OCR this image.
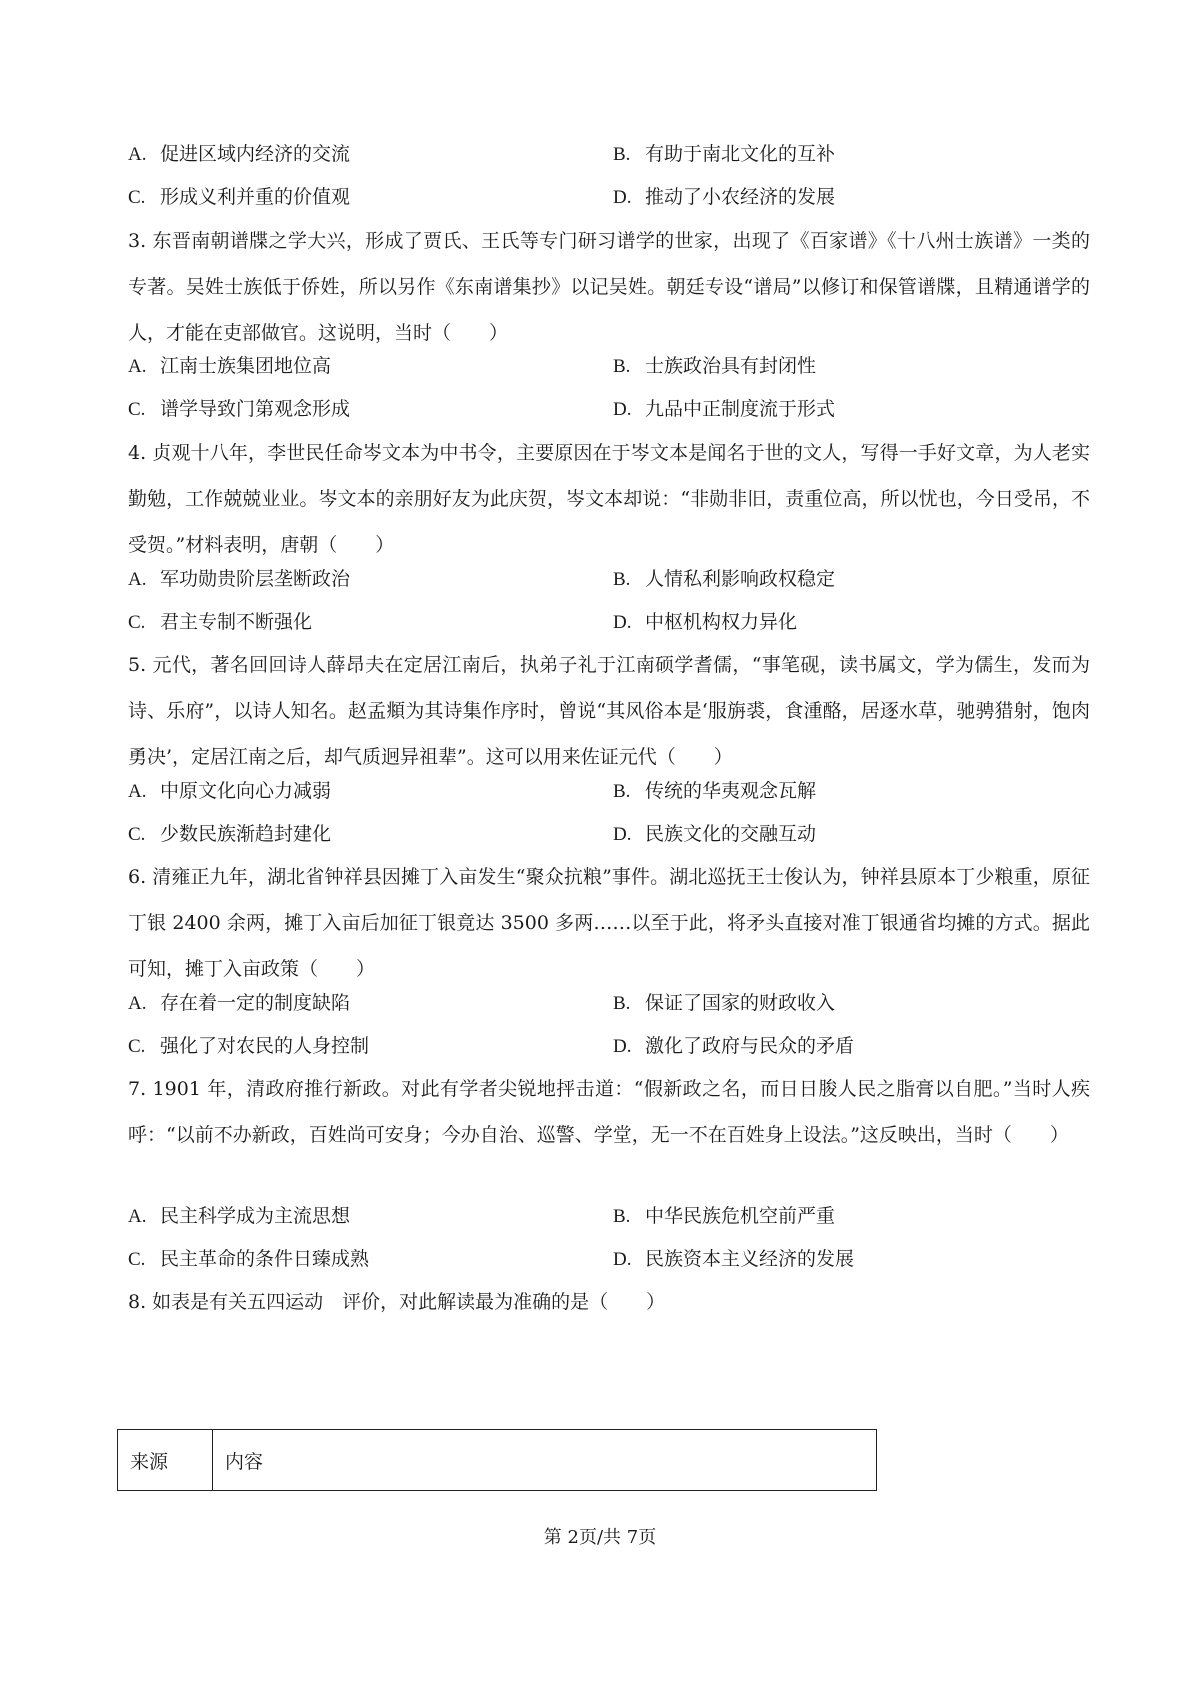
A. 促进区域内经济的交流	B. 有助于南北文化的互补
C. 形成义利并重的价值观	D. 推动了小农经济的发展

3. 东晋南朝谱牒之学大兴，形成了贾氏、王氏等专门研习谱学的世家，出现了《百家谱》《十八州士族谱》一类的专著。吴姓士族低于侨姓，所以另作《东南谱集抄》以记吴姓。朝廷专设“谱局”以修订和保管谱牒，且精通谱学的人，才能在吏部做官。这说明，当时（　　）

A. 江南士族集团地位高	B. 士族政治具有封闭性
C. 谱学导致门第观念形成	D. 九品中正制度流于形式

4. 贞观十八年，李世民任命岑文本为中书令，主要原因在于岑文本是闻名于世的文人，写得一手好文章，为人老实勤勉，工作兢兢业业。岑文本的亲朋好友为此庆贺，岑文本却说：“非勋非旧，责重位高，所以忧也，今日受吊，不受贺。”材料表明，唐朝（　　）

A. 军功勋贵阶层垄断政治	B. 人情私利影响政权稳定
C. 君主专制不断强化	D. 中枢机构权力异化

5. 元代，著名回回诗人薛昂夫在定居江南后，执弟子礼于江南硕学耆儒，“事笔砚，读书属文，学为儒生，发而为诗、乐府”，以诗人知名。赵孟頫为其诗集作序时，曾说“其风俗本是‘服旃裘，食湩酪，居逐水草，驰骋猎射，饱肉勇决’，定居江南之后，却气质迥异祖辈”。这可以用来佐证元代（　　）

A. 中原文化向心力减弱	B. 传统的华夷观念瓦解
C. 少数民族渐趋封建化	D. 民族文化的交融互动

6. 清雍正九年，湖北省钟祥县因摊丁入亩发生“聚众抗粮”事件。湖北巡抚王士俊认为，钟祥县原本丁少粮重，原征丁银 2400 余两，摊丁入亩后加征丁银竟达 3500 多两……以至于此，将矛头直接对准丁银通省均摊的方式。据此可知，摊丁入亩政策（　　）

A. 存在着一定的制度缺陷	B. 保证了国家的财政收入
C. 强化了对农民的人身控制	D. 激化了政府与民众的矛盾

7. 1901 年，清政府推行新政。对此有学者尖锐地抨击道：“假新政之名，而日日朘人民之脂膏以自肥。”当时人疾呼：“以前不办新政，百姓尚可安身；今办自治、巡警、学堂，无一不在百姓身上设法。”这反映出，当时（　　）

A. 民主科学成为主流思想	B. 中华民族危机空前严重
C. 民主革命的条件日臻成熟	D. 民族资本主义经济的发展

8. 如表是有关五四运动　评价，对此解读最为准确的是（　　）

来源	内容
第 2页/共 7页
